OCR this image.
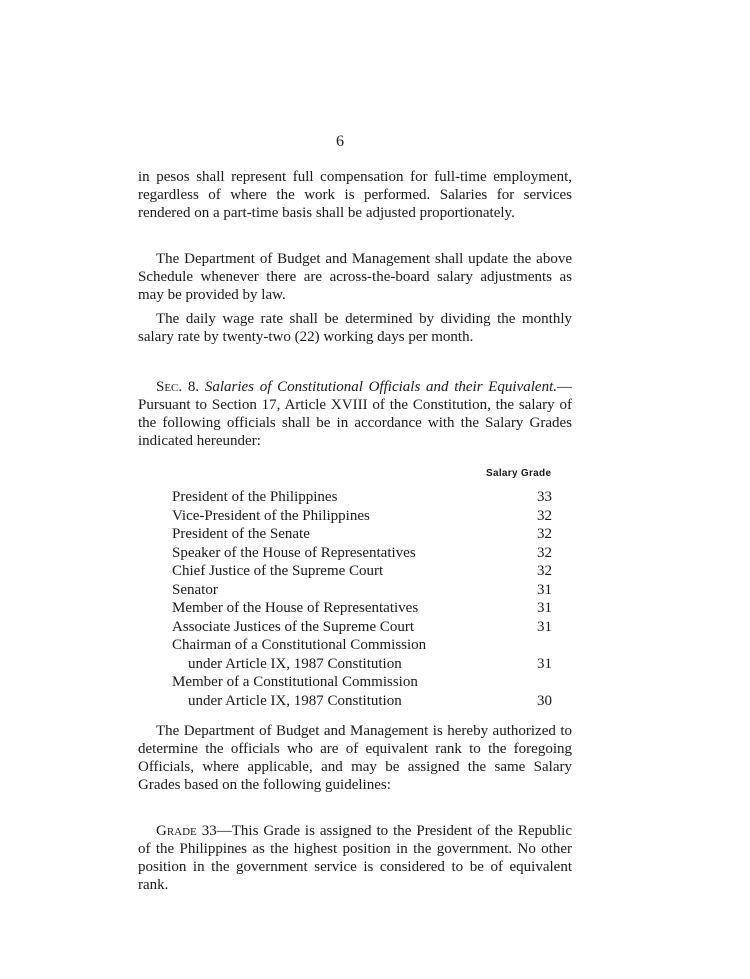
6

in pesos shall represent full compensation for full-time employment, regardless of where the work is performed. Salaries for services rendered on a part-time basis shall be adjusted proportionately.

The Department of Budget and Management shall update the above Schedule whenever there are across-the-board salary adjustments as may be provided by law.

The daily wage rate shall be determined by dividing the monthly salary rate by twenty-two (22) working days per month.

Sec. 8. Salaries of Constitutional Officials and their Equivalent.—Pursuant to Section 17, Article XVIII of the Constitution, the salary of the following officials shall be in accordance with the Salary Grades indicated hereunder:

Salary Grade
President of the Philippines	33
Vice-President of the Philippines	32
President of the Senate	32
Speaker of the House of Representatives	32
Chief Justice of the Supreme Court	32
Senator	31
Member of the House of Representatives	31
Associate Justices of the Supreme Court	31
Chairman of a Constitutional Commission
under Article IX, 1987 Constitution	31
Member of a Constitutional Commission
under Article IX, 1987 Constitution	30

The Department of Budget and Management is hereby authorized to determine the officials who are of equivalent rank to the foregoing Officials, where applicable, and may be assigned the same Salary Grades based on the following guidelines:

Grade 33—This Grade is assigned to the President of the Republic of the Philippines as the highest position in the government. No other position in the government service is considered to be of equivalent rank.
